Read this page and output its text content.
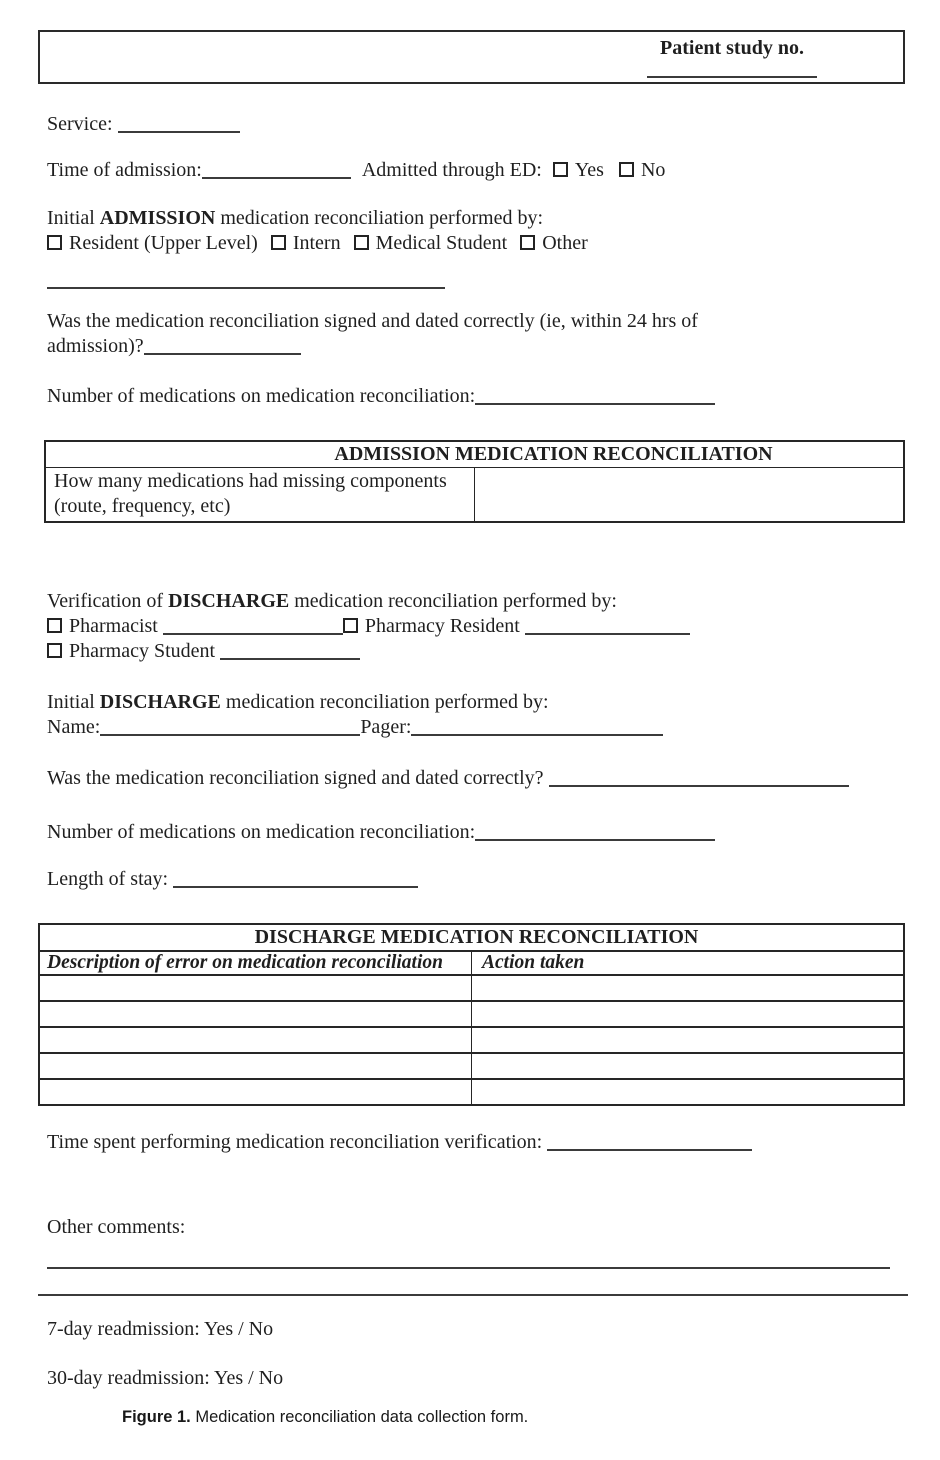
Patient study no.
Service:
Time of admission:	Admitted through ED: Yes No
Initial ADMISSION medication reconciliation performed by:
Resident (Upper Level) Intern Medical Student Other
Was the medication reconciliation signed and dated correctly (ie, within 24 hrs of
admission)?
Number of medications on medication reconciliation:
ADMISSION MEDICATION RECONCILIATION
How many medications had missing components (route, frequency, etc)	
Verification of DISCHARGE medication reconciliation performed by:
Pharmacist	Pharmacy Resident
Pharmacy Student
Initial DISCHARGE medication reconciliation performed by:
Name:	Pager:
Was the medication reconciliation signed and dated correctly?
Number of medications on medication reconciliation:
Length of stay:
DISCHARGE MEDICATION RECONCILIATION	
Description of error on medication reconciliation	Action taken

Time spent performing medication reconciliation verification:
Other comments:
7-day readmission: Yes / No
30-day readmission: Yes / No
Figure 1. Medication reconciliation data collection form.
